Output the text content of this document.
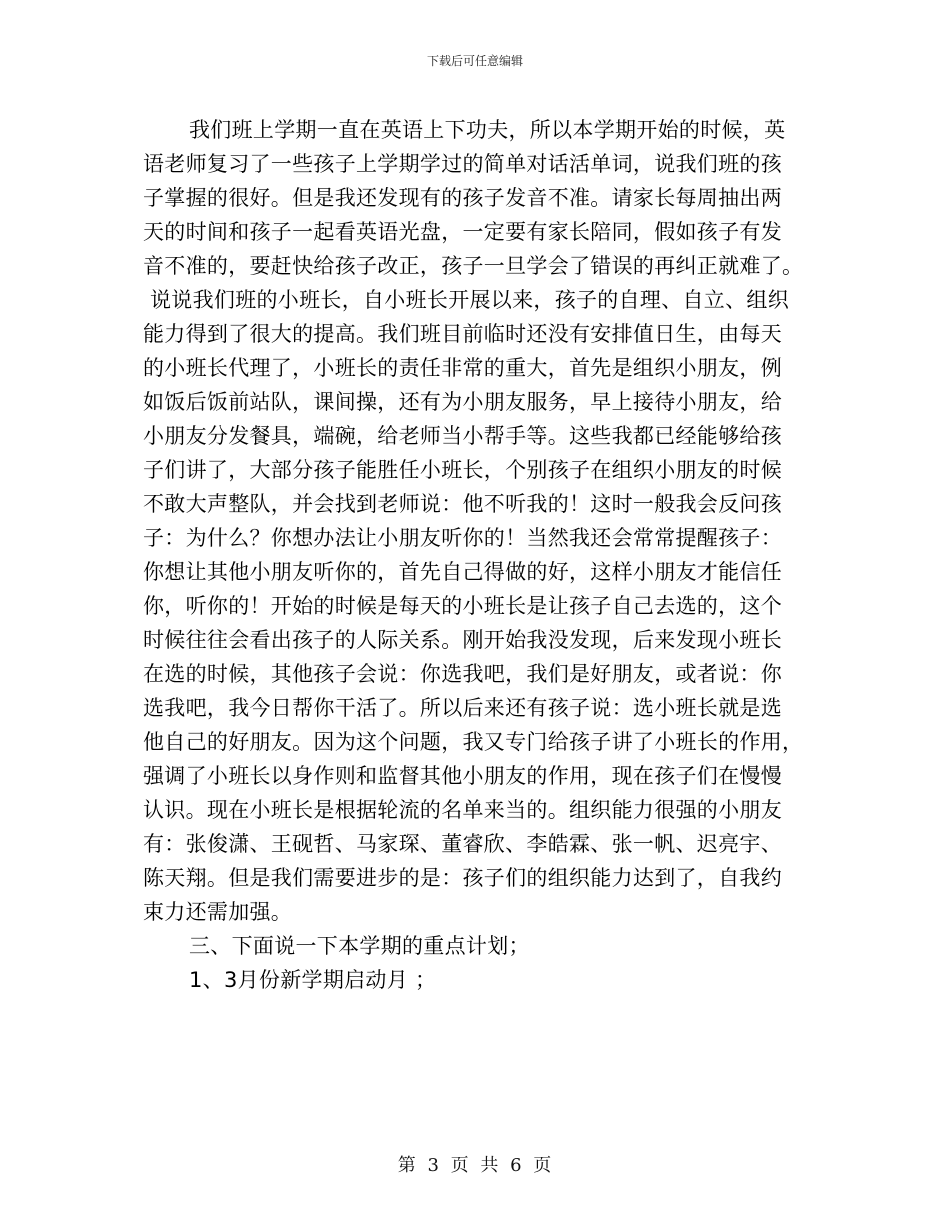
下载后可任意编辑
我们班上学期一直在英语上下功夫，所以本学期开始的时候，英
语老师复习了一些孩子上学期学过的简单对话活单词，说我们班的孩
子掌握的很好。但是我还发现有的孩子发音不准。请家长每周抽出两
天的时间和孩子一起看英语光盘，一定要有家长陪同，假如孩子有发
音不准的，要赶快给孩子改正，孩子一旦学会了错误的再纠正就难了。
说说我们班的小班长，自小班长开展以来，孩子的自理、自立、组织
能力得到了很大的提高。我们班目前临时还没有安排值日生，由每天
的小班长代理了，小班长的责任非常的重大，首先是组织小朋友，例
如饭后饭前站队，课间操，还有为小朋友服务，早上接待小朋友，给
小朋友分发餐具，端碗，给老师当小帮手等。这些我都已经能够给孩
子们讲了，大部分孩子能胜任小班长，个别孩子在组织小朋友的时候
不敢大声整队，并会找到老师说：他不听我的！这时一般我会反问孩
子：为什么？你想办法让小朋友听你的！当然我还会常常提醒孩子：
你想让其他小朋友听你的，首先自己得做的好，这样小朋友才能信任
你，听你的！开始的时候是每天的小班长是让孩子自己去选的，这个
时候往往会看出孩子的人际关系。刚开始我没发现，后来发现小班长
在选的时候，其他孩子会说：你选我吧，我们是好朋友，或者说：你
选我吧，我今日帮你干活了。所以后来还有孩子说：选小班长就是选
他自己的好朋友。因为这个问题，我又专门给孩子讲了小班长的作用，
强调了小班长以身作则和监督其他小朋友的作用，现在孩子们在慢慢
认识。现在小班长是根据轮流的名单来当的。组织能力很强的小朋友
有：张俊潇、王砚哲、马家琛、董睿欣、李皓霖、张一帆、迟亮宇、
陈天翔。但是我们需要进步的是：孩子们的组织能力达到了，自我约
束力还需加强。
三、下面说一下本学期的重点计划；
1、3月份新学期启动月 ；
第 3 页 共 6 页
